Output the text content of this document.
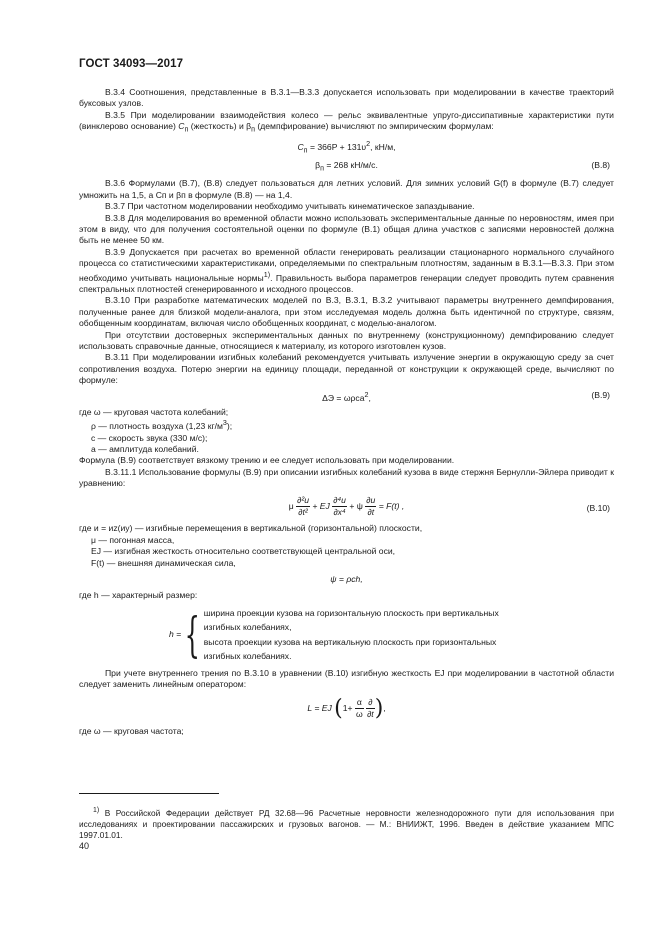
ГОСТ 34093—2017

В.3.4 Соотношения, представленные в В.3.1—В.3.3 допускается использовать при моделировании в качестве траекторий буксовых узлов.

В.3.5 При моделировании взаимодействия колесо — рельс эквивалентные упруго-диссипативные характеристики пути (винклерово основание) $C_п$ (жесткость) и $\beta_п$ (демпфирование) вычисляют по эмпирическим формулам:

$C_п = 366P + 131\upsilon^2$, кН/м,
$\beta_п = 268$ кН/м/с.	(В.8)

В.3.6 Формулами (В.7), (В.8) следует пользоваться для летних условий. Для зимних условий G(f) в формуле (В.7) следует умножить на 1,5, а Cп и βп в формуле (В.8) — на 1,4.

В.3.7 При частотном моделировании необходимо учитывать кинематическое запаздывание.

В.3.8 Для моделирования во временной области можно использовать экспериментальные данные по неровностям, имея при этом в виду, что для получения состоятельной оценки по формуле (В.1) общая длина участков с записями неровностей должна быть не менее 50 км.

В.3.9 Допускается при расчетах во временной области генерировать реализации стационарного нормального случайного процесса со статистическими характеристиками, определяемыми по спектральным плотностям, заданным в В.3.1—В.3.3. При этом необходимо учитывать национальные нормы$^{1)}$. Правильность выбора параметров генерации следует проводить путем сравнения спектральных плотностей сгенерированного и исходного процессов.

В.3.10 При разработке математических моделей по В.3, В.3.1, В.3.2 учитывают параметры внутреннего демпфирования, полученные ранее для близкой модели-аналога, при этом исследуемая модель должна быть идентичной по структуре, связям, обобщенным координатам, включая число обобщенных координат, с моделью-аналогом.

При отсутствии достоверных экспериментальных данных по внутреннему (конструкционному) демпфированию следует использовать справочные данные, относящиеся к материалу, из которого изготовлен кузов.

В.3.11 При моделировании изгибных колебаний рекомендуется учитывать излучение энергии в окружающую среду за счет сопротивления воздуха. Потерю энергии на единицу площади, переданной от конструкции к окружающей среде, вычисляют по формуле:

ΔЭ = ωρca$^2$,	(В.9)

где ω — круговая частота колебаний;

ρ — плотность воздуха (1,23 $кг/м^3$);

c — скорость звука (330 м/с);

a — амплитуда колебаний.

Формула (В.9) соответствует вязкому трению и ее следует использовать при моделировании.

В.3.11.1 Использование формулы (В.9) при описании изгибных колебаний кузова в виде стержня Бернулли-Эйлера приводит к уравнению:

μ $\frac{\text{∂²и}}{\text{∂t²}}$ + EJ $\frac{\text{∂⁴и}}{\text{∂x⁴}} + \psi \frac{\partial и}{\partial t} = F(t)$ ,	(В.10)

где и = иz(иy) — изгибные перемещения в вертикальной (горизонтальной) плоскости,

μ — погонная масса,

EJ — изгибная жесткость относительно соответствующей центральной оси,

F(t) — внешняя динамическая сила,

ψ = ρch,

где h — характерный размер:

h = { ширина проекции кузова на горизонтальную плоскость при вертикальных
изгибных колебаниях,
высота проекции кузова на вертикальную плоскость при горизонтальных
изгибных колебаниях.

При учете внутреннего трения по В.3.10 в уравнении (В.10) изгибную жесткость EJ при моделировании в частотной области следует заменить линейным оператором:

L = EJ ($1+ \frac{\alpha}{\omega}$
$\frac{\partial}{\partial t}$ ),

где ω — круговая частота;

$^{1)}$ В Российской Федерации действует РД 32.68—96 Расчетные неровности железнодорожного пути для использования при исследованиях и проектировании пассажирских и грузовых вагонов. — М.: ВНИИЖТ, 1996. Введен в действие указанием МПС 1997.01.01.

40
